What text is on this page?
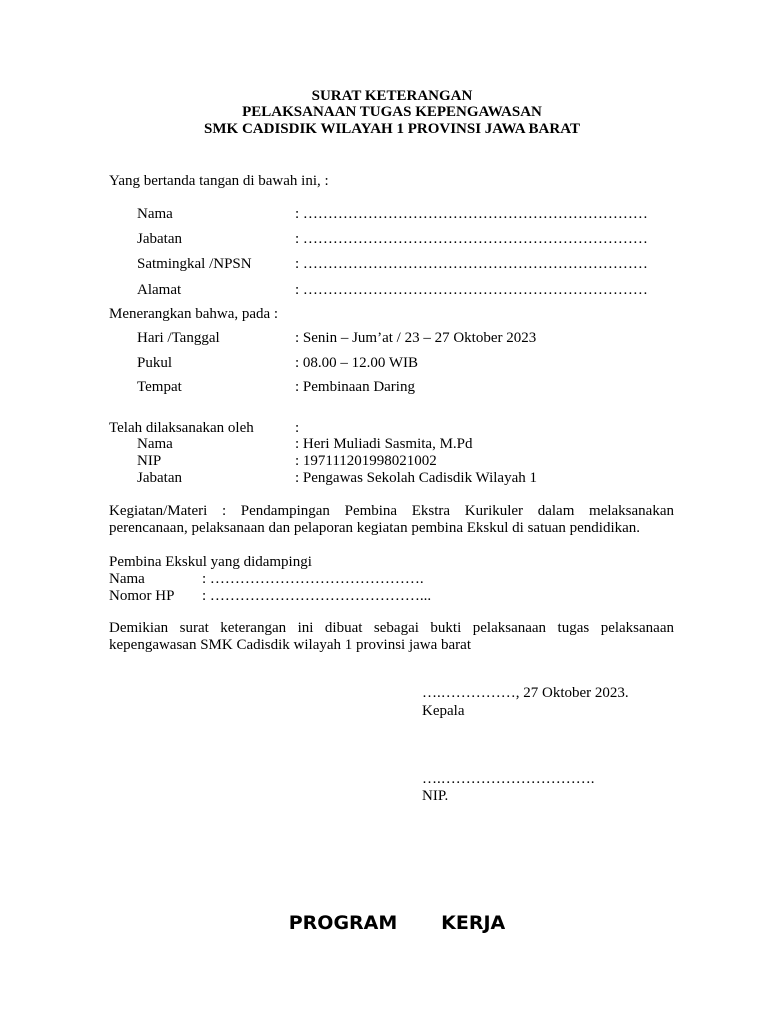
SURAT KETERANGAN
PELAKSANAAN TUGAS KEPENGAWASAN
SMK CADISDIK WILAYAH 1 PROVINSI JAWA BARAT
Yang bertanda tangan di bawah ini, :
Nama	: ……………………………………………………………
Jabatan	: ……………………………………………………………
Satmingkal /NPSN	: ……………………………………………………………
Alamat	: ……………………………………………………………
Menerangkan bahwa, pada :
Hari /Tanggal	: Senin – Jum’at / 23 – 27 Oktober 2023
Pukul	: 08.00 – 12.00 WIB
Tempat	: Pembinaan Daring
Telah dilaksanakan oleh	:
Nama	: Heri Muliadi Sasmita, M.Pd
NIP	: 197111201998021002
Jabatan	: Pengawas Sekolah Cadisdik Wilayah 1
Kegiatan/Materi : Pendampingan Pembina Ekstra Kurikuler dalam melaksanakan perencanaan, pelaksanaan dan pelaporan kegiatan pembina Ekskul di satuan pendidikan.
Pembina Ekskul yang didampingi
Nama	: …………………………………….
Nomor HP : ……………………………………...
Demikian surat keterangan ini dibuat sebagai bukti pelaksanaan tugas pelaksanaan kepengawasan SMK Cadisdik wilayah 1 provinsi jawa barat
….……………, 27 Oktober 2023.
Kepala
….………………………….
NIP.
PROGRAM   KERJA
